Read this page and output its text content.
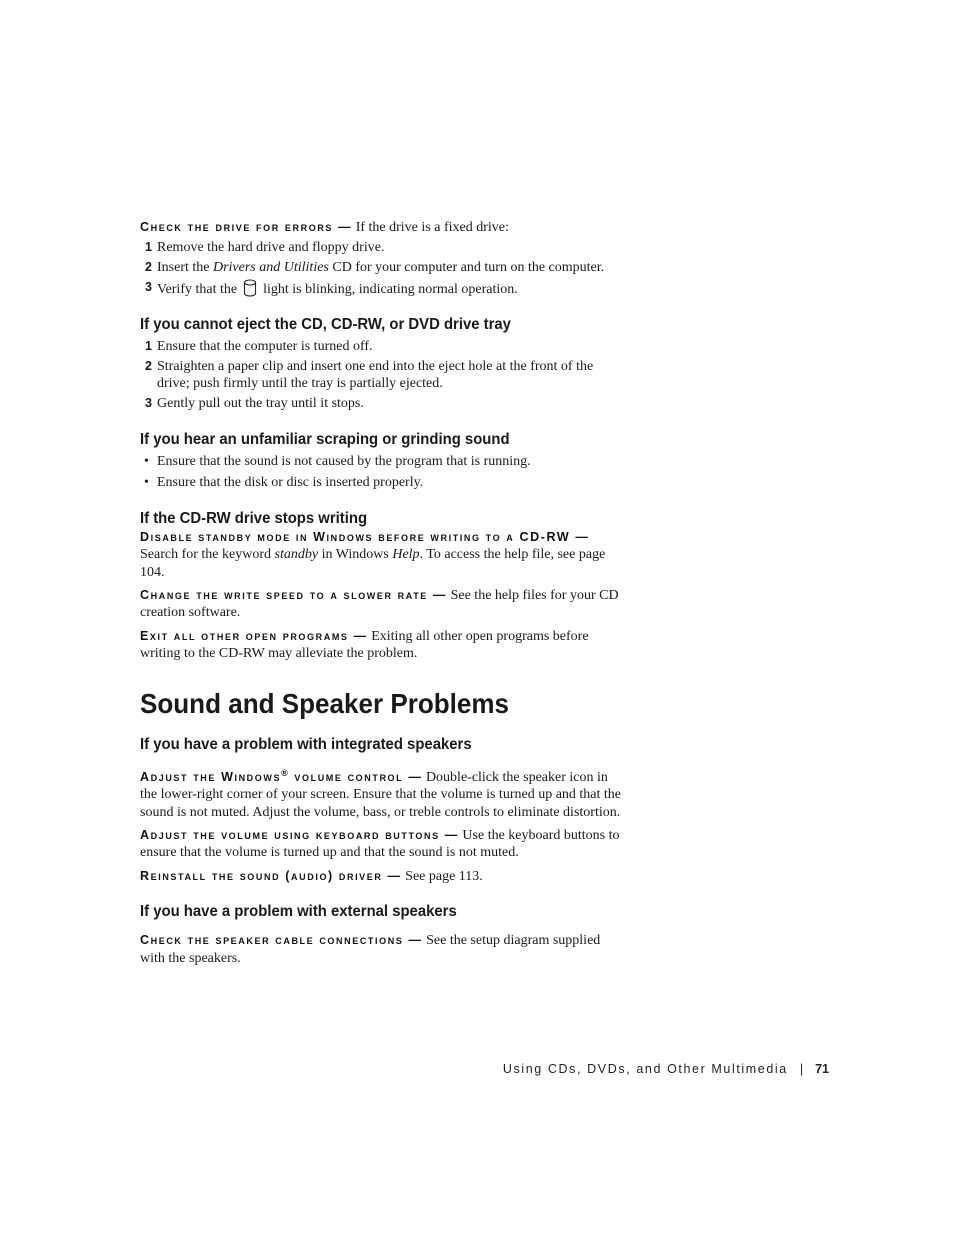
Check the drive for errors — If the drive is a fixed drive:

1 Remove the hard drive and floppy drive.
2 Insert the Drivers and Utilities CD for your computer and turn on the computer.
3 Verify that the light is blinking, indicating normal operation.
If you cannot eject the CD, CD-RW, or DVD drive tray
1 Ensure that the computer is turned off.
2 Straighten a paper clip and insert one end into the eject hole at the front of the drive; push firmly until the tray is partially ejected.
3 Gently pull out the tray until it stops.
If you hear an unfamiliar scraping or grinding sound
• Ensure that the sound is not caused by the program that is running.
• Ensure that the disk or disc is inserted properly.
If the CD-RW drive stops writing

Disable standby mode in Windows before writing to a CD-RW — Search for the keyword standby in Windows Help. To access the help file, see page 104.

Change the write speed to a slower rate — See the help files for your CD creation software.

Exit all other open programs — Exiting all other open programs before writing to the CD-RW may alleviate the problem.

Sound and Speaker Problems
If you have a problem with integrated speakers

Adjust the Windows® volume control — Double-click the speaker icon in the lower-right corner of your screen. Ensure that the volume is turned up and that the sound is not muted. Adjust the volume, bass, or treble controls to eliminate distortion.

Adjust the volume using keyboard buttons — Use the keyboard buttons to ensure that the volume is turned up and that the sound is not muted.

Reinstall the sound (audio) driver — See page 113.

If you have a problem with external speakers

Check the speaker cable connections — See the setup diagram supplied with the speakers.

Using CDs, DVDs, and Other Multimedia | 71
